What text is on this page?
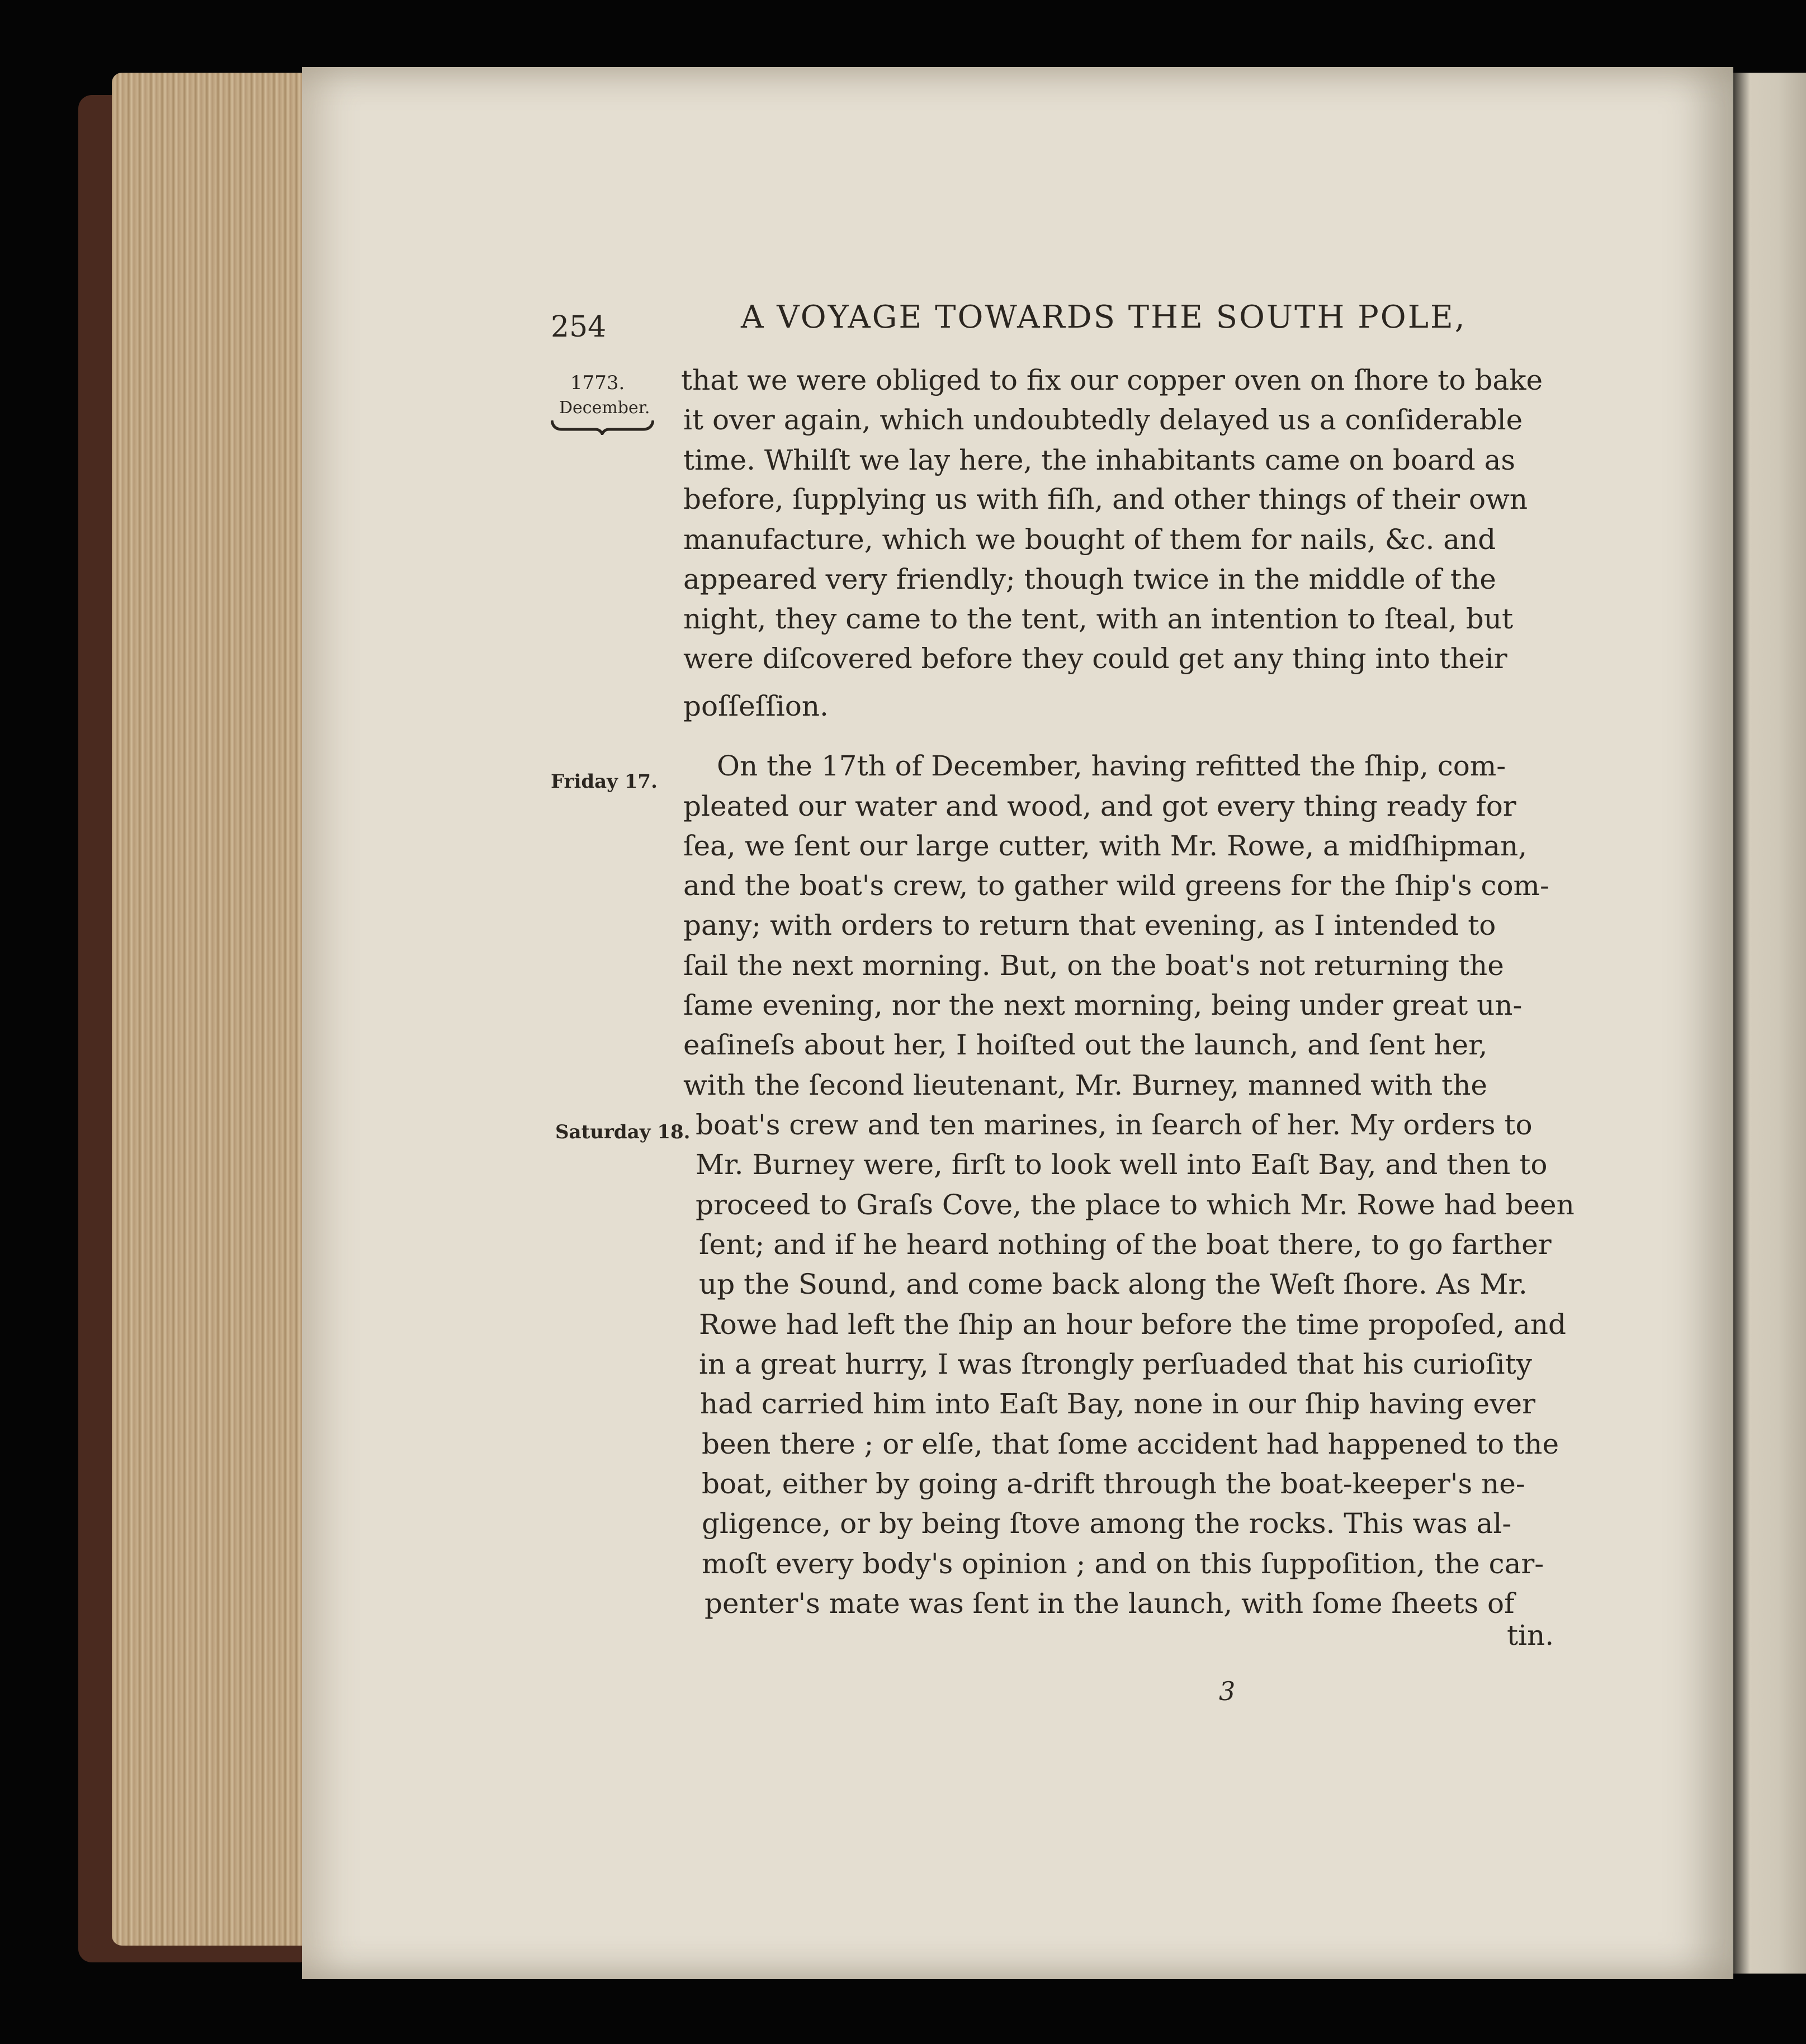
254	A VOYAGE TOWARDS THE SOUTH POLE,
1773.
December.
Friday 17.
Saturday 18.
that we were obliged to fix our copper oven on ſhore to bake
it over again, which undoubtedly delayed us a conſiderable
time. Whilſt we lay here, the inhabitants came on board as
before, ſupplying us with fiſh, and other things of their own
manufacture, which we bought of them for nails, &c. and
appeared very friendly; though twice in the middle of the
night, they came to the tent, with an intention to ſteal, but
were diſcovered before they could get any thing into their
poſſeſſion.
On the 17th of December, having refitted the ſhip, com-
pleated our water and wood, and got every thing ready for
ſea, we ſent our large cutter, with Mr. Rowe, a midſhipman,
and the boat's crew, to gather wild greens for the ſhip's com-
pany; with orders to return that evening, as I intended to
ſail the next morning. But, on the boat's not returning the
ſame evening, nor the next morning, being under great un-
eaſineſs about her, I hoiſted out the launch, and ſent her,
with the ſecond lieutenant, Mr. Burney, manned with the
boat's crew and ten marines, in ſearch of her. My orders to
Mr. Burney were, firſt to look well into Eaſt Bay, and then to
proceed to Graſs Cove, the place to which Mr. Rowe had been
ſent; and if he heard nothing of the boat there, to go farther
up the Sound, and come back along the Weſt ſhore. As Mr.
Rowe had left the ſhip an hour before the time propoſed, and
in a great hurry, I was ſtrongly perſuaded that his curioſity
had carried him into Eaſt Bay, none in our ſhip having ever
been there ; or elſe, that ſome accident had happened to the
boat, either by going a-drift through the boat-keeper's ne-
gligence, or by being ſtove among the rocks. This was al-
moſt every body's opinion ; and on this ſuppoſition, the car-
penter's mate was ſent in the launch, with ſome ſheets of
tin.
3
